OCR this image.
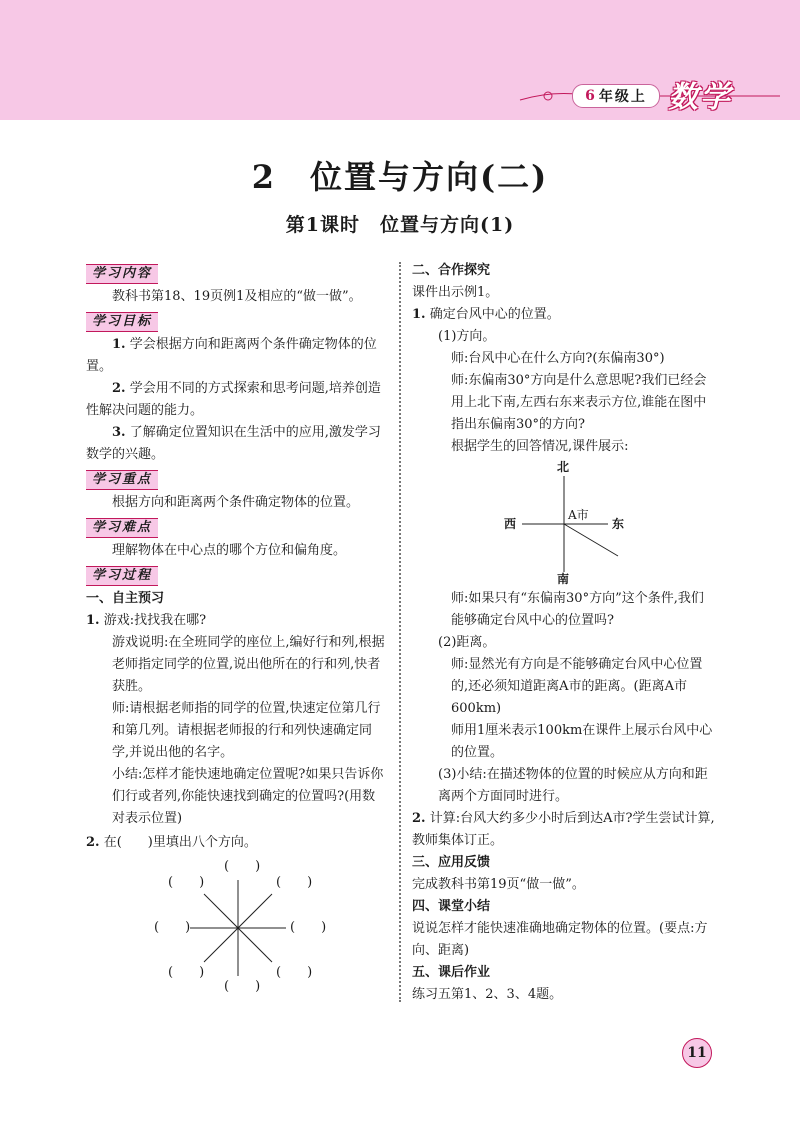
6 年级上 数学
2　位置与方向(二)
第1课时　位置与方向(1)
学习内容

教科书第18、19页例1及相应的“做一做”。

学习目标

1. 学会根据方向和距离两个条件确定物体的位置。

2. 学会用不同的方式探索和思考问题,培养创造性解决问题的能力。

3. 了解确定位置知识在生活中的应用,激发学习数学的兴趣。

学习重点

根据方向和距离两个条件确定物体的位置。

学习难点

理解物体在中心点的哪个方位和偏角度。

学习过程

一、自主预习

1. 游戏:找找我在哪?

游戏说明:在全班同学的座位上,编好行和列,根据老师指定同学的位置,说出他所在的行和列,快者获胜。

师:请根据老师指的同学的位置,快速定位第几行和第几列。请根据老师报的行和列快速确定同学,并说出他的名字。

小结:怎样才能快速地确定位置呢?如果只告诉你们行或者列,你能快速找到确定的位置吗?(用数对表示位置)

2. 在(　　)里填出八个方向。

(　　)
(　　)	(　　)
(　　)	(　　)
(　　)	(　　)
(　　)

二、合作探究

课件出示例1。

1. 确定台风中心的位置。

(1)方向。

师:台风中心在什么方向?(东偏南30°)

师:东偏南30°方向是什么意思呢?我们已经会用上北下南,左西右东来表示方位,谁能在图中指出东偏南30°的方向?

根据学生的回答情况,课件展示:

北
南
西	东
A市

师:如果只有“东偏南30°方向”这个条件,我们能够确定台风中心的位置吗?

(2)距离。

师:显然光有方向是不能够确定台风中心位置的,还必须知道距离A市的距离。(距离A市600km)

师用1厘米表示100km在课件上展示台风中心的位置。

(3)小结:在描述物体的位置的时候应从方向和距离两个方面同时进行。

2. 计算:台风大约多少小时后到达A市?学生尝试计算,教师集体订正。

三、应用反馈

完成教科书第19页“做一做”。

四、课堂小结

说说怎样才能快速准确地确定物体的位置。(要点:方向、距离)

五、课后作业

练习五第1、2、3、4题。

11
